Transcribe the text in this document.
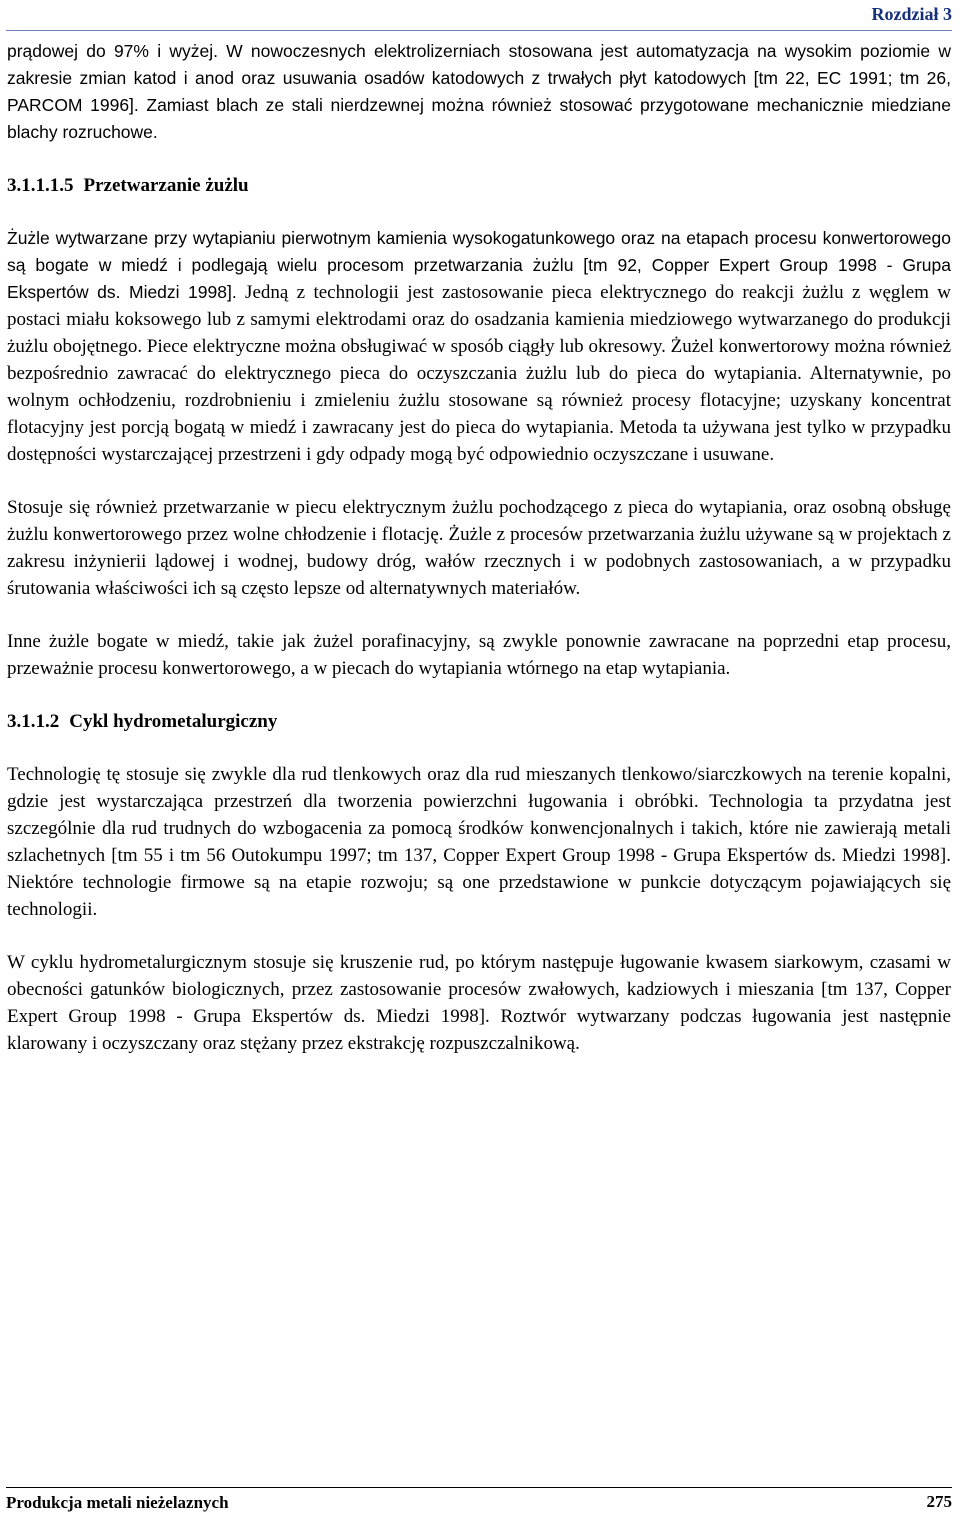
Rozdział 3

prądowej do 97% i wyżej. W nowoczesnych elektrolizerniach stosowana jest automatyzacja na wysokim poziomie w zakresie zmian katod i anod oraz usuwania osadów katodowych z trwałych płyt katodowych [tm 22, EC 1991; tm 26, PARCOM 1996]. Zamiast blach ze stali nierdzewnej można również stosować przygotowane mechanicznie miedziane blachy rozruchowe.

3.1.1.1.5 Przetwarzanie żużlu

Żużle wytwarzane przy wytapianiu pierwotnym kamienia wysokogatunkowego oraz na etapach procesu konwertorowego są bogate w miedź i podlegają wielu procesom przetwarzania żużlu [tm 92, Copper Expert Group 1998 - Grupa Ekspertów ds. Miedzi 1998]. Jedną z technologii jest zastosowanie pieca elektrycznego do reakcji żużlu z węglem w postaci miału koksowego lub z samymi elektrodami oraz do osadzania kamienia miedziowego wytwarzanego do produkcji żużlu obojętnego. Piece elektryczne można obsługiwać w sposób ciągły lub okresowy. Żużel konwertorowy można również bezpośrednio zawracać do elektrycznego pieca do oczyszczania żużlu lub do pieca do wytapiania. Alternatywnie, po wolnym ochłodzeniu, rozdrobnieniu i zmieleniu żużlu stosowane są również procesy flotacyjne; uzyskany koncentrat flotacyjny jest porcją bogatą w miedź i zawracany jest do pieca do wytapiania. Metoda ta używana jest tylko w przypadku dostępności wystarczającej przestrzeni i gdy odpady mogą być odpowiednio oczyszczane i usuwane.

Stosuje się również przetwarzanie w piecu elektrycznym żużlu pochodzącego z pieca do wytapiania, oraz osobną obsługę żużlu konwertorowego przez wolne chłodzenie i flotację. Żużle z procesów przetwarzania żużlu używane są w projektach z zakresu inżynierii lądowej i wodnej, budowy dróg, wałów rzecznych i w podobnych zastosowaniach, a w przypadku śrutowania właściwości ich są często lepsze od alternatywnych materiałów.

Inne żużle bogate w miedź, takie jak żużel porafinacyjny, są zwykle ponownie zawracane na poprzedni etap procesu, przeważnie procesu konwertorowego, a w piecach do wytapiania wtórnego na etap wytapiania.

3.1.1.2 Cykl hydrometalurgiczny

Technologię tę stosuje się zwykle dla rud tlenkowych oraz dla rud mieszanych tlenkowo/siarczkowych na terenie kopalni, gdzie jest wystarczająca przestrzeń dla tworzenia powierzchni ługowania i obróbki. Technologia ta przydatna jest szczególnie dla rud trudnych do wzbogacenia za pomocą środków konwencjonalnych i takich, które nie zawierają metali szlachetnych [tm 55 i tm 56 Outokumpu 1997; tm 137, Copper Expert Group 1998 - Grupa Ekspertów ds. Miedzi 1998]. Niektóre technologie firmowe są na etapie rozwoju; są one przedstawione w punkcie dotyczącym pojawiających się technologii.

W cyklu hydrometalurgicznym stosuje się kruszenie rud, po którym następuje ługowanie kwasem siarkowym, czasami w obecności gatunków biologicznych, przez zastosowanie procesów zwałowych, kadziowych i mieszania [tm 137, Copper Expert Group 1998 - Grupa Ekspertów ds. Miedzi 1998]. Roztwór wytwarzany podczas ługowania jest następnie klarowany i oczyszczany oraz stężany przez ekstrakcję rozpuszczalnikową.

Produkcja metali nieżelaznych	275
